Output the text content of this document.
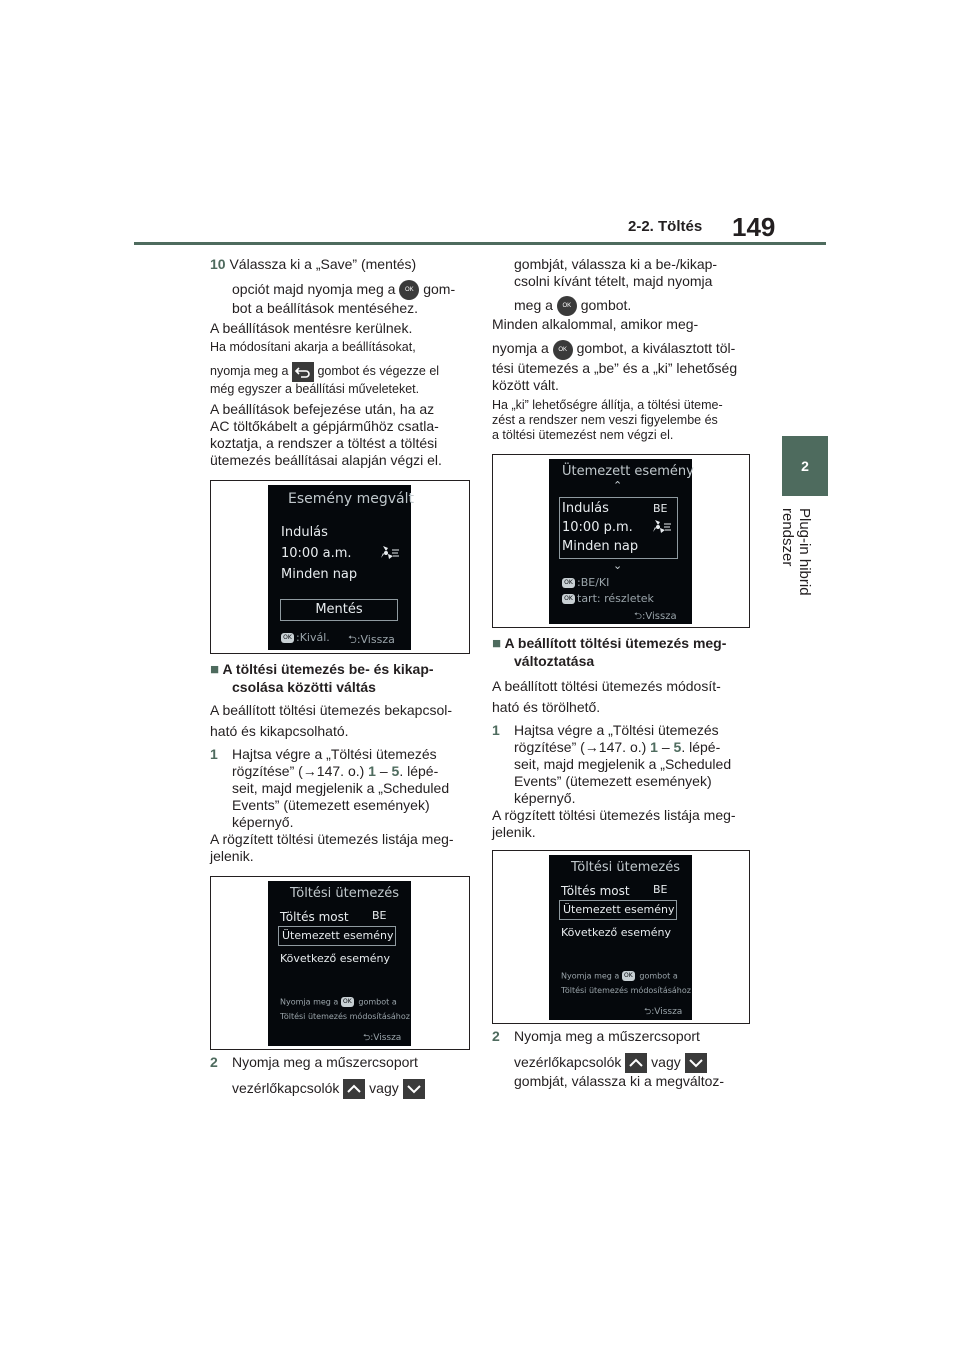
2-2. Töltés 149
2
Plug-in hibrid rendszer

10 Válassza ki a „Save” (mentés)

opciót majd nyomja meg a OK gom-

bot a beállítások mentéséhez.

A beállítások mentésre kerülnek.

Ha módosítani akarja a beállításokat,

nyomja meg a gombot és végezze el

még egyszer a beállítási műveleteket.

A beállítások befejezése után, ha az

AC töltőkábelt a gépjárműhöz csatla-

koztatja, a rendszer a töltést a töltési

ütemezés beállításai alapján végzi el.

Esemény megvált
Indulás
10:00 a.m.
Minden nap
Mentés
OK :Kivál. ⮌:Vissza

■ A töltési ütemezés be- és kikap-

csolása közötti váltás

A beállított töltési ütemezés bekapcsol-

ható és kikapcsolható.

1	Hajtsa végre a „Töltési ütemezés

rögzítése” (→147. o.) 1 – 5. lépé-

seit, majd megjelenik a „Scheduled

Events” (ütemezett események)

képernyő.

A rögzített töltési ütemezés listája meg-

jelenik.

Töltési ütemezés
Töltés most BE
Ütemezett esemény
Következő esemény
Nyomja meg a OK gombot a
Töltési ütemezés módosításához
⮌:Vissza
2	Nyomja meg a műszercsoport

vezérlőkapcsolók vagy

gombját, válassza ki a be-/kikap-

csolni kívánt tételt, majd nyomja

meg a OK gombot.

Minden alkalommal, amikor meg-

nyomja a OK gombot, a kiválasztott töl-

tési ütemezés a „be” és a „ki” lehetőség

között vált.

Ha „ki” lehetőségre állítja, a töltési üteme-

zést a rendszer nem veszi figyelembe és

a töltési ütemezést nem végzi el.

Ütemezett esemény
⌃
Indulás	BE
10:00 p.m.
Minden nap
⌄
OK :BE/KI
OK tart: részletek
⮌:Vissza

■ A beállított töltési ütemezés meg-

változtatása

A beállított töltési ütemezés módosít-

ható és törölhető.

1	Hajtsa végre a „Töltési ütemezés

rögzítése” (→147. o.) 1 – 5. lépé-

seit, majd megjelenik a „Scheduled

Events” (ütemezett események)

képernyő.

A rögzített töltési ütemezés listája meg-

jelenik.

Töltési ütemezés
Töltés most BE
Ütemezett esemény
Következő esemény
Nyomja meg a OK gombot a
Töltési ütemezés módosításához
⮌:Vissza
2	Nyomja meg a műszercsoport

vezérlőkapcsolók vagy

gombját, válassza ki a megváltoz-
